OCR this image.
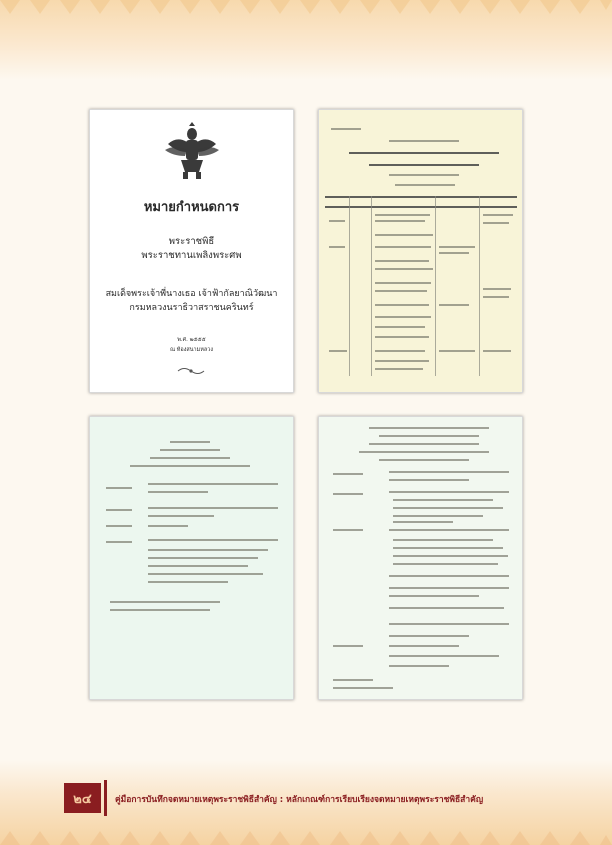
หมายกำหนดการ
พระราชพิธี
พระราชทานเพลิงพระศพ
สมเด็จพระเจ้าพี่นางเธอ เจ้าฟ้ากัลยาณิวัฒนา
กรมหลวงนราธิวาสราชนครินทร์
พ.ศ. ๒๕๕๕
ณ ท้องสนามหลวง
๒๔	คู่มือการบันทึกจดหมายเหตุพระราชพิธีสำคัญ : หลักเกณฑ์การเรียบเรียงจดหมายเหตุพระราชพิธีสำคัญ
